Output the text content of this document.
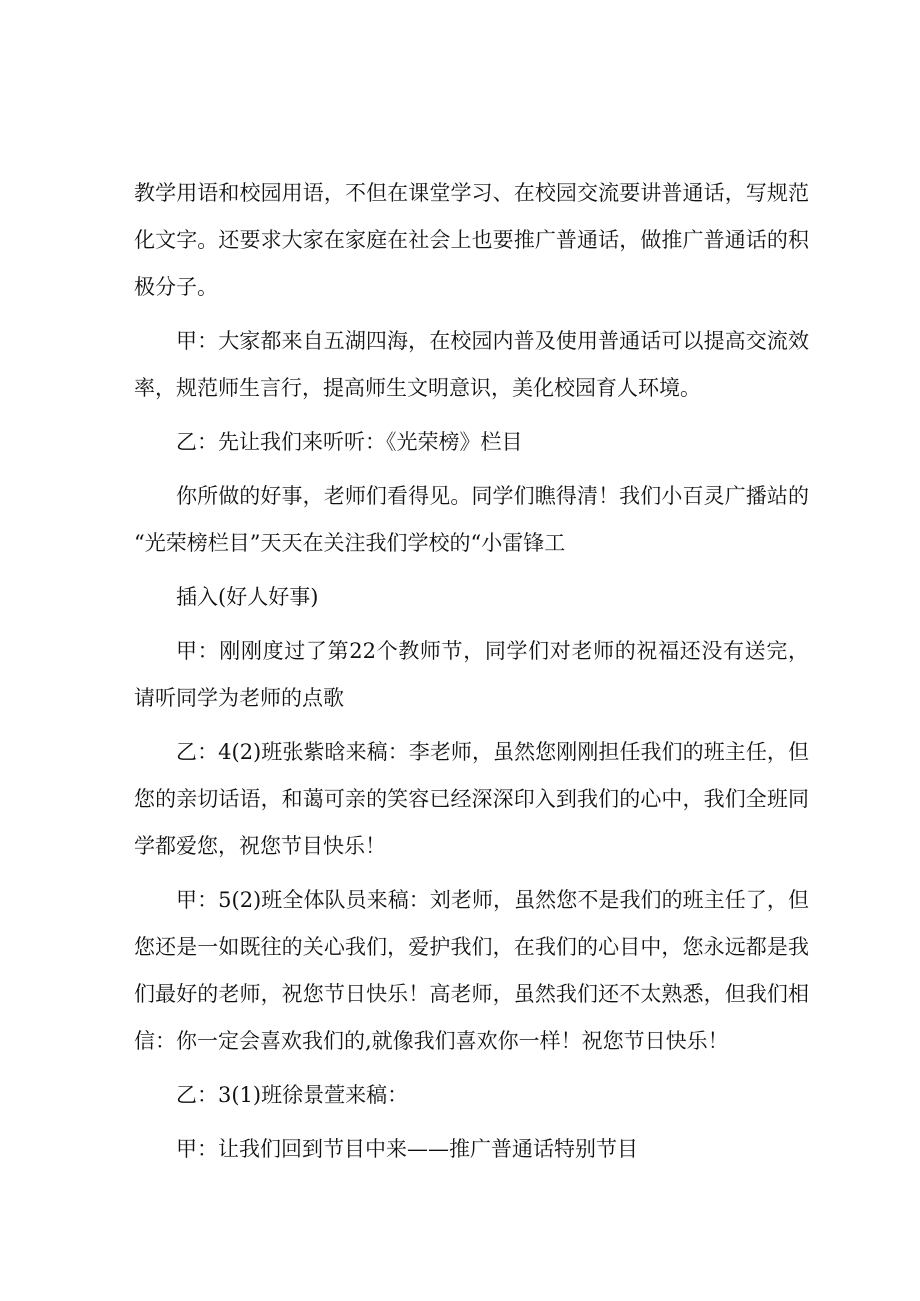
教学用语和校园用语，不但在课堂学习、在校园交流要讲普通话，写规范化文字。还要求大家在家庭在社会上也要推广普通话，做推广普通话的积极分子。

甲：大家都来自五湖四海，在校园内普及使用普通话可以提高交流效率，规范师生言行，提高师生文明意识，美化校园育人环境。

乙：先让我们来听听：《光荣榜》栏目

你所做的好事，老师们看得见。同学们瞧得清！我们小百灵广播站的“光荣榜栏目”天天在关注我们学校的“小雷锋工

插入(好人好事)

甲：刚刚度过了第22个教师节，同学们对老师的祝福还没有送完，请听同学为老师的点歌

乙：4(2)班张紫晗来稿：李老师，虽然您刚刚担任我们的班主任，但您的亲切话语，和蔼可亲的笑容已经深深印入到我们的心中，我们全班同学都爱您，祝您节目快乐！

甲：5(2)班全体队员来稿：刘老师，虽然您不是我们的班主任了，但您还是一如既往的关心我们，爱护我们，在我们的心目中，您永远都是我们最好的老师，祝您节日快乐！高老师，虽然我们还不太熟悉，但我们相信：你一定会喜欢我们的,就像我们喜欢你一样！祝您节日快乐！

乙：3(1)班徐景萱来稿：

甲：让我们回到节目中来——推广普通话特别节目
